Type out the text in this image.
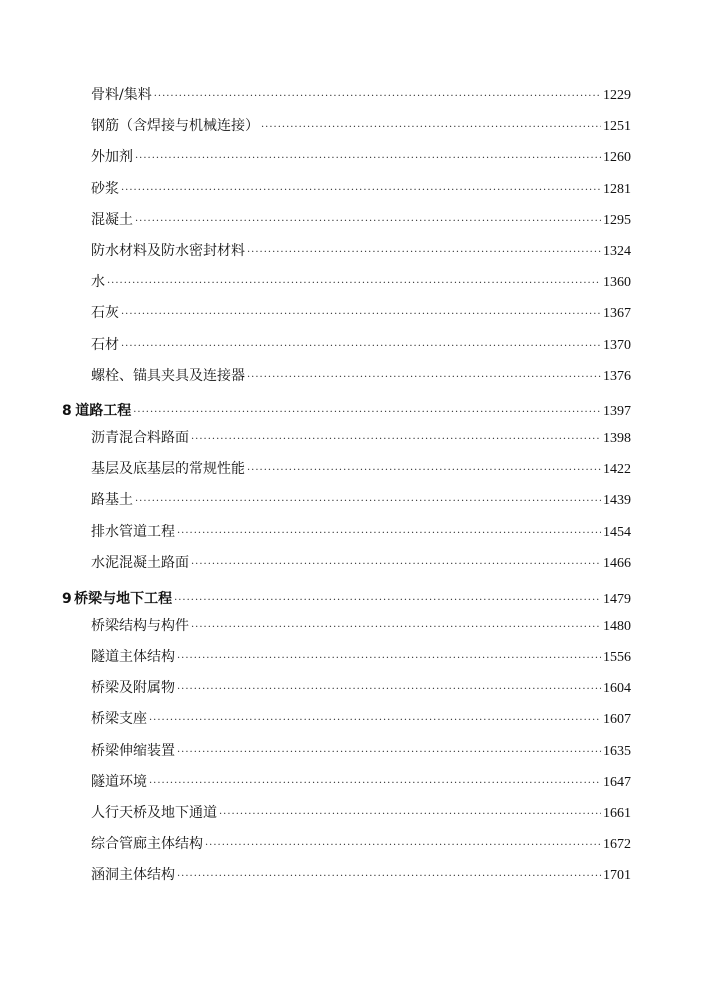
骨料/集料 ·····	1229
钢筋（含焊接与机械连接） ·····	1251
外加剂 ·····	1260
砂浆 ·····	1281
混凝土 ·····	1295
防水材料及防水密封材料 ·····	1324
水 ·····	1360
石灰 ·····	1367
石材 ·····	1370
螺栓、锚具夹具及连接器 ·····	1376
8 道路工程 ·····	1397
沥青混合料路面 ·····	1398
基层及底基层的常规性能 ·····	1422
路基土 ·····	1439
排水管道工程 ·····	1454
水泥混凝土路面 ·····	1466
9 桥梁与地下工程 ·····	1479
桥梁结构与构件 ·····	1480
隧道主体结构 ·····	1556
桥梁及附属物 ·····	1604
桥梁支座 ·····	1607
桥梁伸缩装置 ·····	1635
隧道环境 ·····	1647
人行天桥及地下通道 ·····	1661
综合管廊主体结构 ·····	1672
涵洞主体结构 ·····	1701
